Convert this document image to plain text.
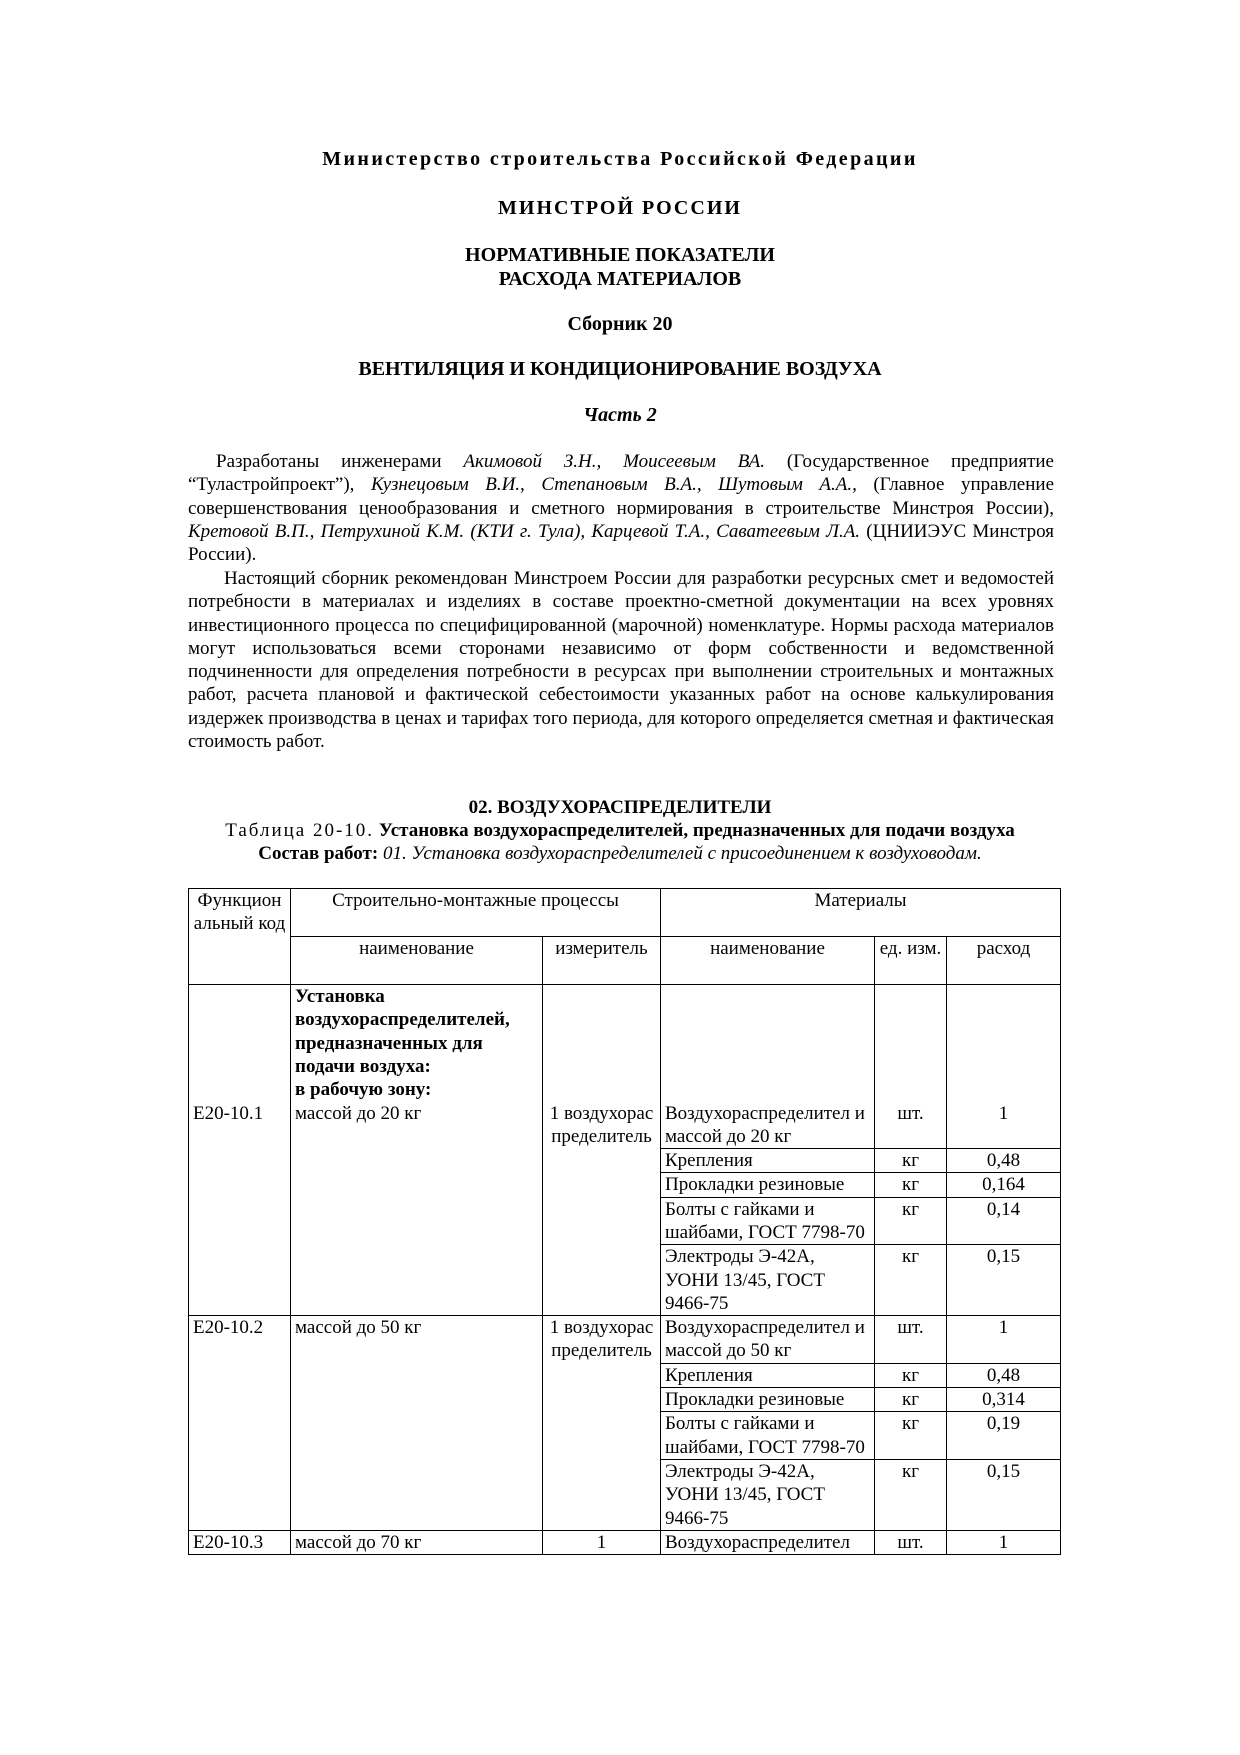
Министерство строительства Российской Федерации
МИНСТРОЙ РОССИИ
НОРМАТИВНЫЕ ПОКАЗАТЕЛИ
РАСХОДА МАТЕРИАЛОВ
Сборник 20
ВЕНТИЛЯЦИЯ И КОНДИЦИОНИРОВАНИЕ ВОЗДУХА
Часть 2
Разработаны инженерами Акимовой З.Н., Моисеевым ВА. (Государственное предприятие “Туластройпроект”), Кузнецовым В.И., Степановым В.А., Шутовым А.А., (Главное управление совершенствования ценообразования и сметного нормирования в строительстве Минстроя России), Кретовой В.П., Петрухиной К.М. (КТИ г. Тула), Карцевой Т.А., Саватеевым Л.А. (ЦНИИЭУС Минстроя России).
Настоящий сборник рекомендован Минстроем России для разработки ресурсных смет и ведомостей потребности в материалах и изделиях в составе проектно-сметной документации на всех уровнях инвестиционного процесса по специфицированной (марочной) номенклатуре. Нормы расхода материалов могут использоваться всеми сторонами независимо от форм собственности и ведомственной подчиненности для определения потребности в ресурсах при выполнении строительных и монтажных работ, расчета плановой и фактической себестоимости указанных работ на основе калькулирования издержек производства в ценах и тарифах того периода, для которого определяется сметная и фактическая стоимость работ.
02. ВОЗДУХОРАСПРЕДЕЛИТЕЛИ
Таблица 20-10. Установка воздухораспределителей, предназначенных для подачи воздуха
Состав работ: 01. Установка воздухораспределителей с присоединением к воздуховодам.
Функцион альный код	Строительно-монтажные процессы		Материалы		
	наименование	измеритель	наименование	ед. изм.	расход

	Установка воздухораспределителей, предназначенных для подачи воздуха:
в рабочую зону:				

Е20-10.1	массой до 20 кг	1 воздухорас пределитель	Воздухораспределител и массой до 20 кг	шт.	1
			Крепления	кг	0,48
			Прокладки резиновые	кг	0,164
			Болты с гайками и шайбами, ГОСТ 7798-70	кг	0,14
			Электроды Э-42А, УОНИ 13/45, ГОСТ 9466-75	кг	0,15
Е20-10.2	массой до 50 кг	1 воздухорас пределитель	Воздухораспределител и массой до 50 кг	шт.	1
			Крепления	кг	0,48
			Прокладки резиновые	кг	0,314
			Болты с гайками и шайбами, ГОСТ 7798-70	кг	0,19
			Электроды Э-42А, УОНИ 13/45, ГОСТ 9466-75	кг	0,15
Е20-10.3	массой до 70 кг	1	Воздухораспределител	шт.	1
